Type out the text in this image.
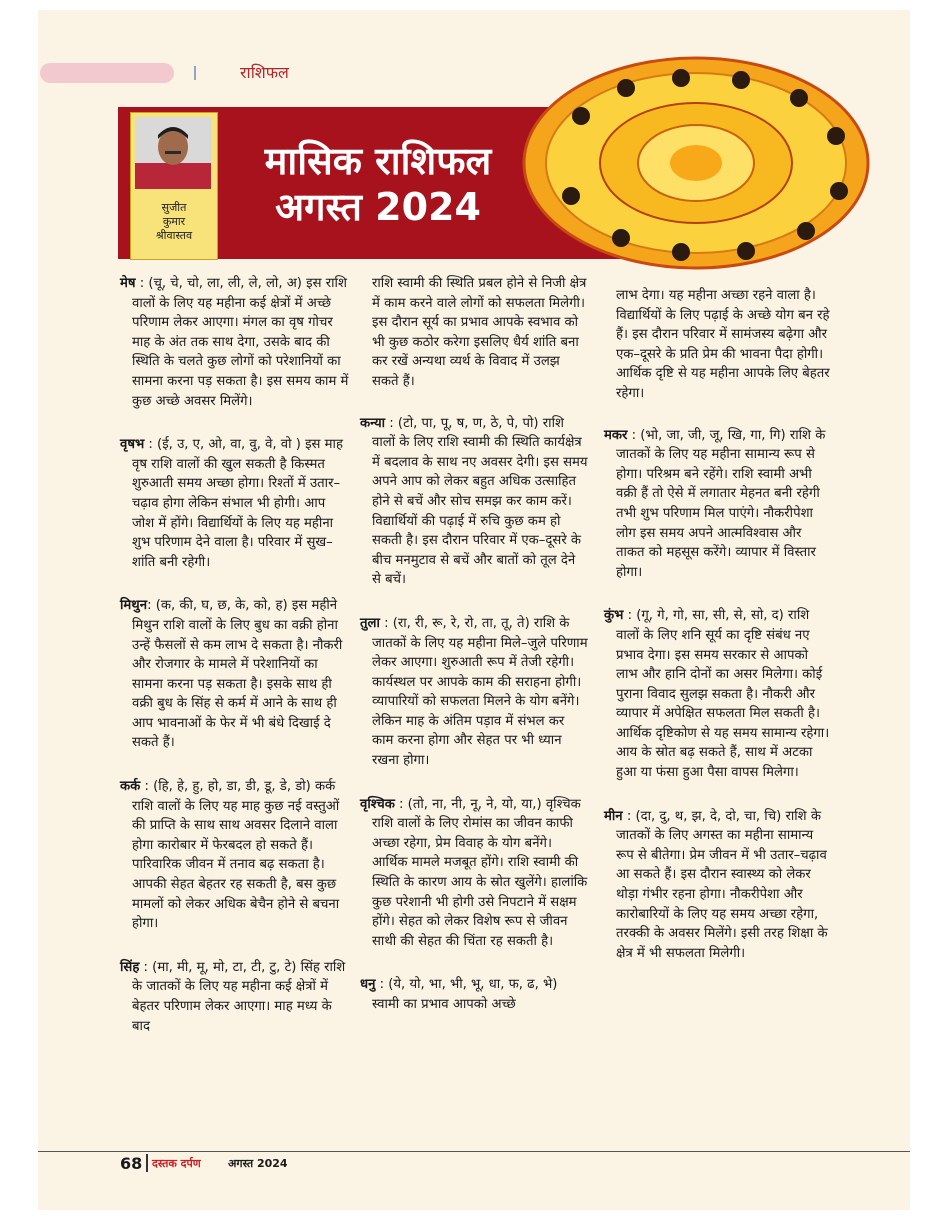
राशिफल
सुजीत
कुमार
श्रीवास्तव
मासिक राशिफल
अगस्त 2024

मेष : (चू, चे, चो, ला, ली, ले, लो, अ) इस राशि वालों के लिए यह महीना कई क्षेत्रों में अच्छे परिणाम लेकर आएगा। मंगल का वृष गोचर माह के अंत तक साथ देगा, उसके बाद की स्थिति के चलते कुछ लोगों को परेशानियों का सामना करना पड़ सकता है। इस समय काम में कुछ अच्छे अवसर मिलेंगे।

वृषभ : (ई, उ, ए, ओ, वा, वु, वे, वो ) इस माह वृष राशि वालों की खुल सकती है किस्मत शुरुआती समय अच्छा होगा। रिश्तों में उतार–चढ़ाव होगा लेकिन संभाल भी होगी। आप जोश में होंगे। विद्यार्थियों के लिए यह महीना शुभ परिणाम देने वाला है। परिवार में सुख–शांति बनी रहेगी।

मिथुन: (क, की, घ, छ, के, को, ह) इस महीने मिथुन राशि वालों के लिए बुध का वक्री होना उन्हें फैसलों से कम लाभ दे सकता है। नौकरी और रोजगार के मामले में परेशानियों का सामना करना पड़ सकता है। इसके साथ ही वक्री बुध के सिंह से कर्म में आने के साथ ही आप भावनाओं के फेर में भी बंधे दिखाई दे सकते हैं।

कर्क : (हि, हे, हु, हो, डा, डी, डू, डे, डो) कर्क राशि वालों के लिए यह माह कुछ नई वस्तुओं की प्राप्ति के साथ साथ अवसर दिलाने वाला होगा कारोबार में फेरबदल हो सकते हैं। पारिवारिक जीवन में तनाव बढ़ सकता है। आपकी सेहत बेहतर रह सकती है, बस कुछ मामलों को लेकर अधिक बेचैन होने से बचना होगा।

सिंह : (मा, मी, मू, मो, टा, टी, टु, टे) सिंह राशि के जातकों के लिए यह महीना कई क्षेत्रों में बेहतर परिणाम लेकर आएगा। माह मध्य के बाद

राशि स्वामी की स्थिति प्रबल होने से निजी क्षेत्र में काम करने वाले लोगों को सफलता मिलेगी। इस दौरान सूर्य का प्रभाव आपके स्वभाव को भी कुछ कठोर करेगा इसलिए धैर्य शांति बना कर रखें अन्यथा व्यर्थ के विवाद में उलझ सकते हैं।

कन्या : (टो, पा, पू, ष, ण, ठे, पे, पो) राशि वालों के लिए राशि स्वामी की स्थिति कार्यक्षेत्र में बदलाव के साथ नए अवसर देगी। इस समय अपने आप को लेकर बहुत अधिक उत्साहित होने से बचें और सोच समझ कर काम करें। विद्यार्थियों की पढ़ाई में रुचि कुछ कम हो सकती है। इस दौरान परिवार में एक–दूसरे के बीच मनमुटाव से बचें और बातों को तूल देने से बचें।

तुला : (रा, री, रू, रे, रो, ता, तू, ते) राशि के जातकों के लिए यह महीना मिले–जुले परिणाम लेकर आएगा। शुरुआती रूप में तेजी रहेगी। कार्यस्थल पर आपके काम की सराहना होगी। व्यापारियों को सफलता मिलने के योग बनेंगे। लेकिन माह के अंतिम पड़ाव में संभल कर काम करना होगा और सेहत पर भी ध्यान रखना होगा।

वृश्चिक : (तो, ना, नी, नू, ने, यो, या,) वृश्चिक राशि वालों के लिए रोमांस का जीवन काफी अच्छा रहेगा, प्रेम विवाह के योग बनेंगे। आर्थिक मामले मजबूत होंगे। राशि स्वामी की स्थिति के कारण आय के स्रोत खुलेंगे। हालांकि कुछ परेशानी भी होगी उसे निपटाने में सक्षम होंगे। सेहत को लेकर विशेष रूप से जीवन साथी की सेहत की चिंता रह सकती है।

धनु : (ये, यो, भा, भी, भू, धा, फ, ढ, भे) स्वामी का प्रभाव आपको अच्छे

लाभ देगा। यह महीना अच्छा रहने वाला है। विद्यार्थियों के लिए पढ़ाई के अच्छे योग बन रहे हैं। इस दौरान परिवार में सामंजस्य बढ़ेगा और एक–दूसरे के प्रति प्रेम की भावना पैदा होगी। आर्थिक दृष्टि से यह महीना आपके लिए बेहतर रहेगा।

मकर : (भो, जा, जी, जू, खि, गा, गि) राशि के जातकों के लिए यह महीना सामान्य रूप से होगा। परिश्रम बने रहेंगे। राशि स्वामी अभी वक्री हैं तो ऐसे में लगातार मेहनत बनी रहेगी तभी शुभ परिणाम मिल पाएंगे। नौकरीपेशा लोग इस समय अपने आत्मविश्वास और ताकत को महसूस करेंगे। व्यापार में विस्तार होगा।

कुंभ : (गू, गे, गो, सा, सी, से, सो, द) राशि वालों के लिए शनि सूर्य का दृष्टि संबंध नए प्रभाव देगा। इस समय सरकार से आपको लाभ और हानि दोनों का असर मिलेगा। कोई पुराना विवाद सुलझ सकता है। नौकरी और व्यापार में अपेक्षित सफलता मिल सकती है। आर्थिक दृष्टिकोण से यह समय सामान्य रहेगा। आय के स्रोत बढ़ सकते हैं, साथ में अटका हुआ या फंसा हुआ पैसा वापस मिलेगा।

मीन : (दा, दु, थ, झ, दे, दो, चा, चि) राशि के जातकों के लिए अगस्त का महीना सामान्य रूप से बीतेगा। प्रेम जीवन में भी उतार–चढ़ाव आ सकते हैं। इस दौरान स्वास्थ्य को लेकर थोड़ा गंभीर रहना होगा। नौकरीपेशा और कारोबारियों के लिए यह समय अच्छा रहेगा, तरक्की के अवसर मिलेंगे। इसी तरह शिक्षा के क्षेत्र में भी सफलता मिलेगी।

68 दस्तक दर्पण अगस्त 2024
